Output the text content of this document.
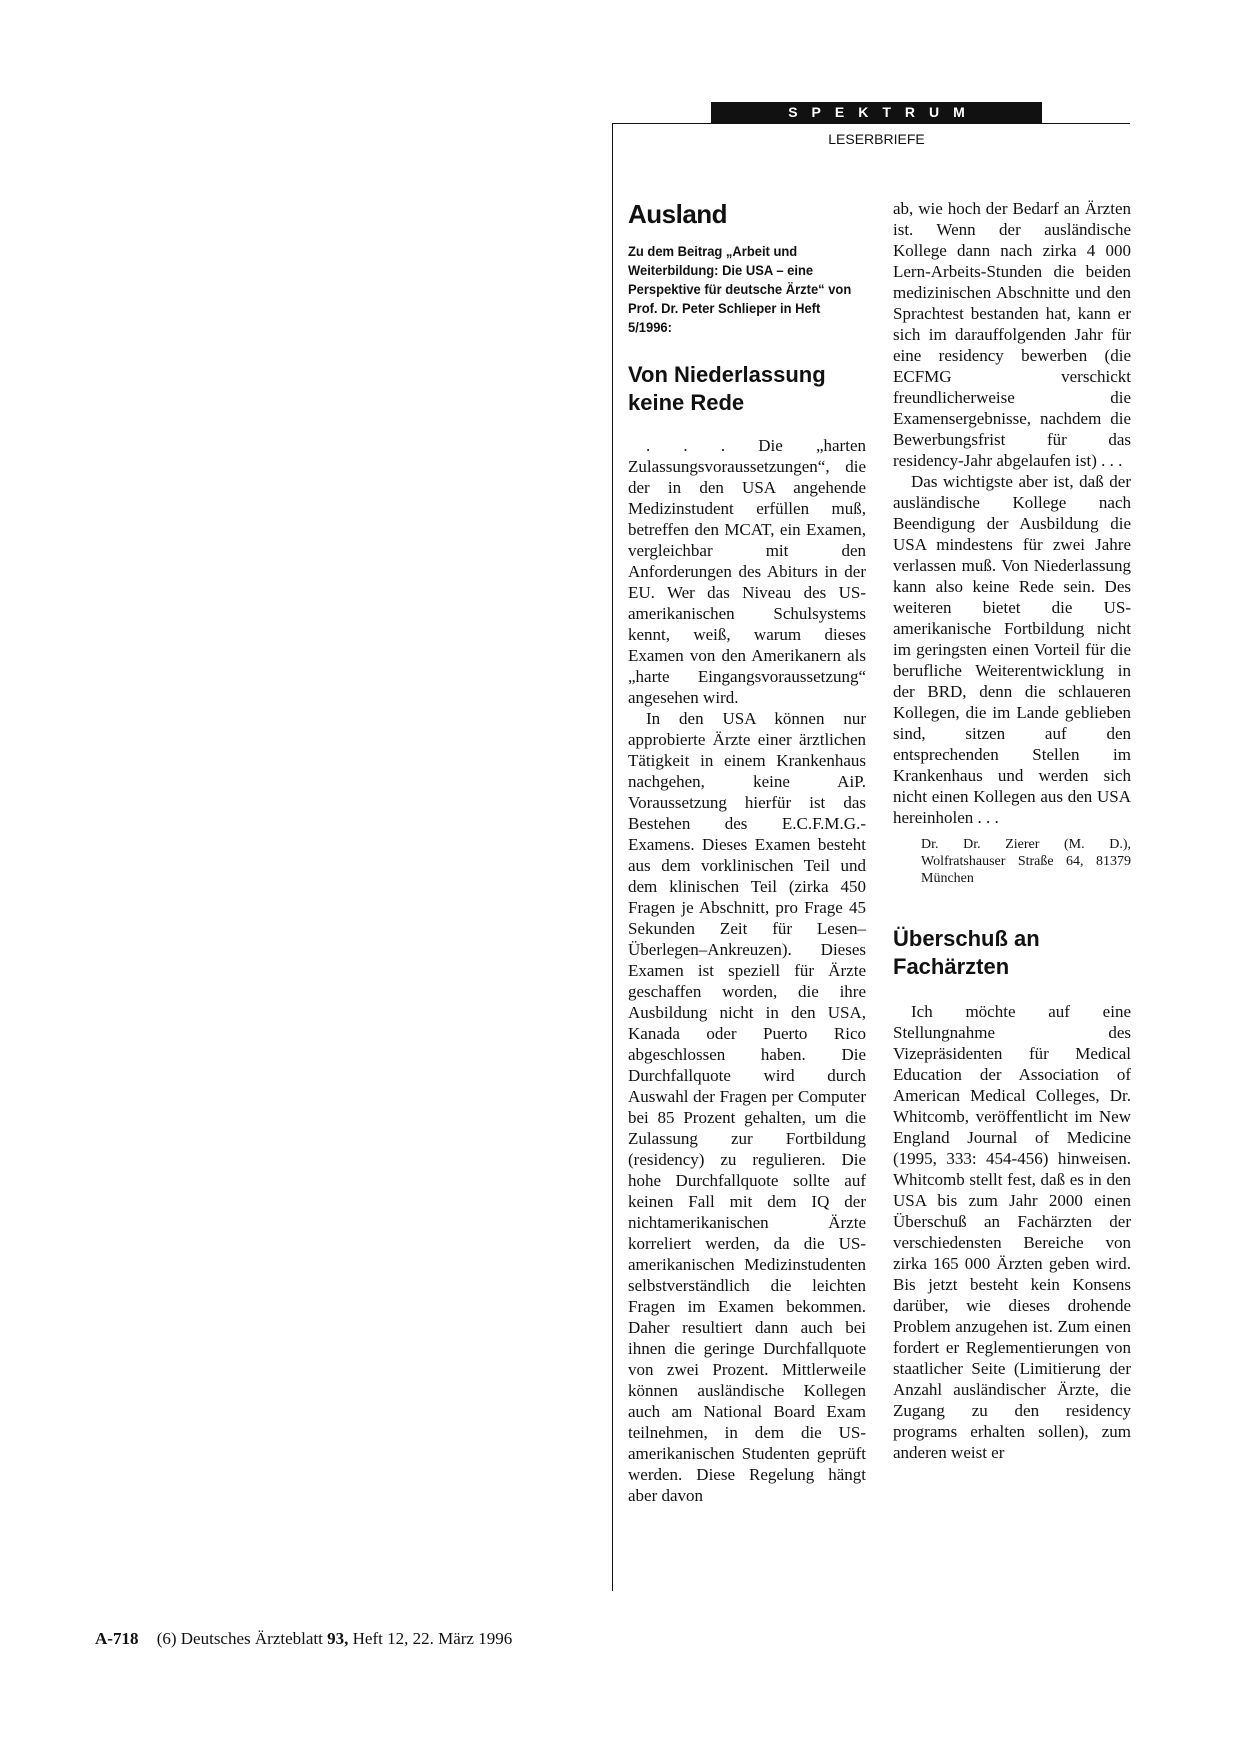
SPEKTRUM
LESERBRIEFE
Ausland
Zu dem Beitrag „Arbeit und Weiterbildung: Die USA – eine Perspektive für deutsche Ärzte“ von Prof. Dr. Peter Schlieper in Heft 5/1996:
Von Niederlassung keine Rede

. . . Die „harten Zulassungsvoraussetzungen“, die der in den USA angehende Medizinstudent erfüllen muß, betreffen den MCAT, ein Examen, vergleichbar mit den Anforderungen des Abiturs in der EU. Wer das Niveau des US-amerikanischen Schulsystems kennt, weiß, warum dieses Examen von den Amerikanern als „harte Eingangsvoraussetzung“ angesehen wird.

In den USA können nur approbierte Ärzte einer ärztlichen Tätigkeit in einem Krankenhaus nachgehen, keine AiP. Voraussetzung hierfür ist das Bestehen des E.C.F.M.G.-Examens. Dieses Examen besteht aus dem vorklinischen Teil und dem klinischen Teil (zirka 450 Fragen je Abschnitt, pro Frage 45 Sekunden Zeit für Lesen–Überlegen–Ankreuzen). Dieses Examen ist speziell für Ärzte geschaffen worden, die ihre Ausbildung nicht in den USA, Kanada oder Puerto Rico abgeschlossen haben. Die Durchfallquote wird durch Auswahl der Fragen per Computer bei 85 Prozent gehalten, um die Zulassung zur Fortbildung (residency) zu regulieren. Die hohe Durchfallquote sollte auf keinen Fall mit dem IQ der nichtamerikanischen Ärzte korreliert werden, da die US-amerikanischen Medizinstudenten selbstverständlich die leichten Fragen im Examen bekommen. Daher resultiert dann auch bei ihnen die geringe Durchfallquote von zwei Prozent. Mittlerweile können ausländische Kollegen auch am National Board Exam teilnehmen, in dem die US-amerikanischen Studenten geprüft werden. Diese Regelung hängt aber davon

ab, wie hoch der Bedarf an Ärzten ist. Wenn der ausländische Kollege dann nach zirka 4 000 Lern-Arbeits-Stunden die beiden medizinischen Abschnitte und den Sprachtest bestanden hat, kann er sich im darauffolgenden Jahr für eine residency bewerben (die ECFMG verschickt freundlicherweise die Examensergebnisse, nachdem die Bewerbungsfrist für das residency-Jahr abgelaufen ist) . . .

Das wichtigste aber ist, daß der ausländische Kollege nach Beendigung der Ausbildung die USA mindestens für zwei Jahre verlassen muß. Von Niederlassung kann also keine Rede sein. Des weiteren bietet die US-amerikanische Fortbildung nicht im geringsten einen Vorteil für die berufliche Weiterentwicklung in der BRD, denn die schlaueren Kollegen, die im Lande geblieben sind, sitzen auf den entsprechenden Stellen im Krankenhaus und werden sich nicht einen Kollegen aus den USA hereinholen . . .

Dr. Dr. Zierer (M. D.), Wolfratshauser Straße 64, 81379 München

Überschuß an Fachärzten

Ich möchte auf eine Stellungnahme des Vizepräsidenten für Medical Education der Association of American Medical Colleges, Dr. Whitcomb, veröffentlicht im New England Journal of Medicine (1995, 333: 454-456) hinweisen. Whitcomb stellt fest, daß es in den USA bis zum Jahr 2000 einen Überschuß an Fachärzten der verschiedensten Bereiche von zirka 165 000 Ärzten geben wird. Bis jetzt besteht kein Konsens darüber, wie dieses drohende Problem anzugehen ist. Zum einen fordert er Reglementierungen von staatlicher Seite (Limitierung der Anzahl ausländischer Ärzte, die Zugang zu den residency programs erhalten sollen), zum anderen weist er

A-718 (6) Deutsches Ärzteblatt 93, Heft 12, 22. März 1996
